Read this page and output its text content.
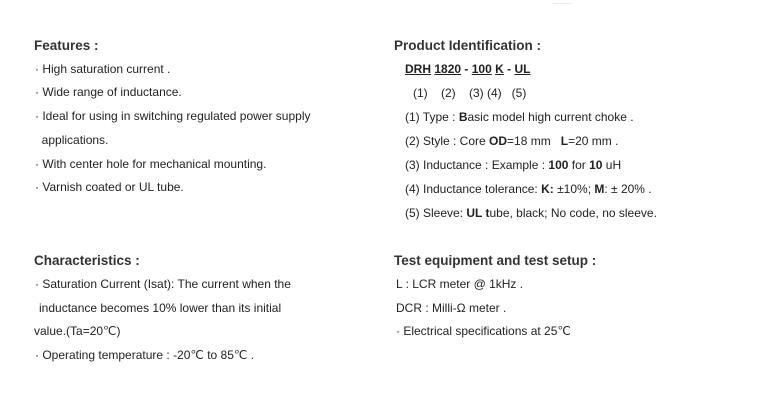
............
Features :
· High saturation current .
· Wide range of inductance.
· Ideal for using in switching regulated power supply
applications.
· With center hole for mechanical mounting.
· Varnish coated or UL tube.
Product Identification :
DRH 1820 - 100 K - UL
(1)    (2)    (3) (4)   (5)
(1) Type : Basic model high current choke .
(2) Style : Core OD=18 mm   L=20 mm .
(3) Inductance : Example : 100 for 10 uH
(4) Inductance tolerance: K: ±10%; M: ± 20% .
(5) Sleeve: UL tube, black; No code, no sleeve.
Characteristics :
· Saturation Current (Isat): The current when the
inductance becomes 10% lower than its initial
value.(Ta=20℃)
· Operating temperature : -20℃ to 85℃ .
Test equipment and test setup :
L : LCR meter @ 1kHz .
DCR : Milli-Ω meter .
· Electrical specifications at 25℃
